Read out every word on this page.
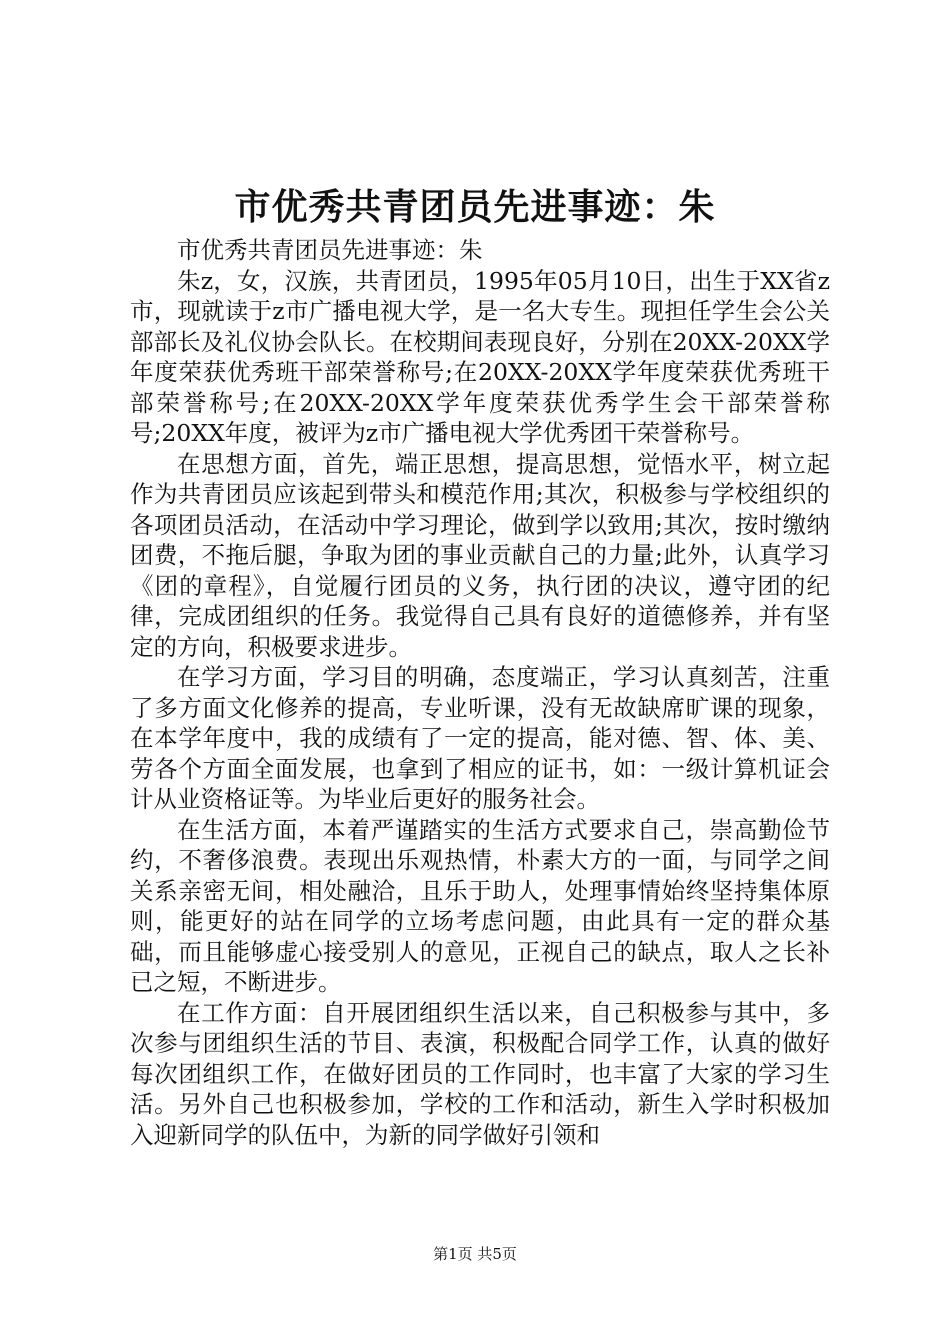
市优秀共青团员先进事迹：朱

市优秀共青团员先进事迹：朱

朱z，女，汉族，共青团员，1995年05月10日，出生于XX省z市，现就读于z市广播电视大学，是一名大专生。现担任学生会公关部部长及礼仪协会队长。在校期间表现良好，分别在20XX-20XX学年度荣获优秀班干部荣誉称号;在20XX-20XX学年度荣获优秀班干部荣誉称号;在20XX-20XX学年度荣获优秀学生会干部荣誉称号;20XX年度，被评为z市广播电视大学优秀团干荣誉称号。

在思想方面，首先，端正思想，提高思想，觉悟水平，树立起作为共青团员应该起到带头和模范作用;其次，积极参与学校组织的各项团员活动，在活动中学习理论，做到学以致用;其次，按时缴纳团费，不拖后腿，争取为团的事业贡献自己的力量;此外，认真学习《团的章程》，自觉履行团员的义务，执行团的决议，遵守团的纪律，完成团组织的任务。我觉得自己具有良好的道德修养，并有坚定的方向，积极要求进步。

在学习方面，学习目的明确，态度端正，学习认真刻苦，注重了多方面文化修养的提高，专业听课，没有无故缺席旷课的现象，在本学年度中，我的成绩有了一定的提高，能对德、智、体、美、劳各个方面全面发展，也拿到了相应的证书，如：一级计算机证会计从业资格证等。为毕业后更好的服务社会。

在生活方面，本着严谨踏实的生活方式要求自己，崇高勤俭节约，不奢侈浪费。表现出乐观热情，朴素大方的一面，与同学之间关系亲密无间，相处融洽，且乐于助人，处理事情始终坚持集体原则，能更好的站在同学的立场考虑问题，由此具有一定的群众基础，而且能够虚心接受别人的意见，正视自己的缺点，取人之长补已之短，不断进步。

在工作方面：自开展团组织生活以来，自己积极参与其中，多次参与团组织生活的节目、表演，积极配合同学工作，认真的做好每次团组织工作，在做好团员的工作同时，也丰富了大家的学习生活。另外自己也积极参加，学校的工作和活动，新生入学时积极加入迎新同学的队伍中，为新的同学做好引领和

第1页 共5页
